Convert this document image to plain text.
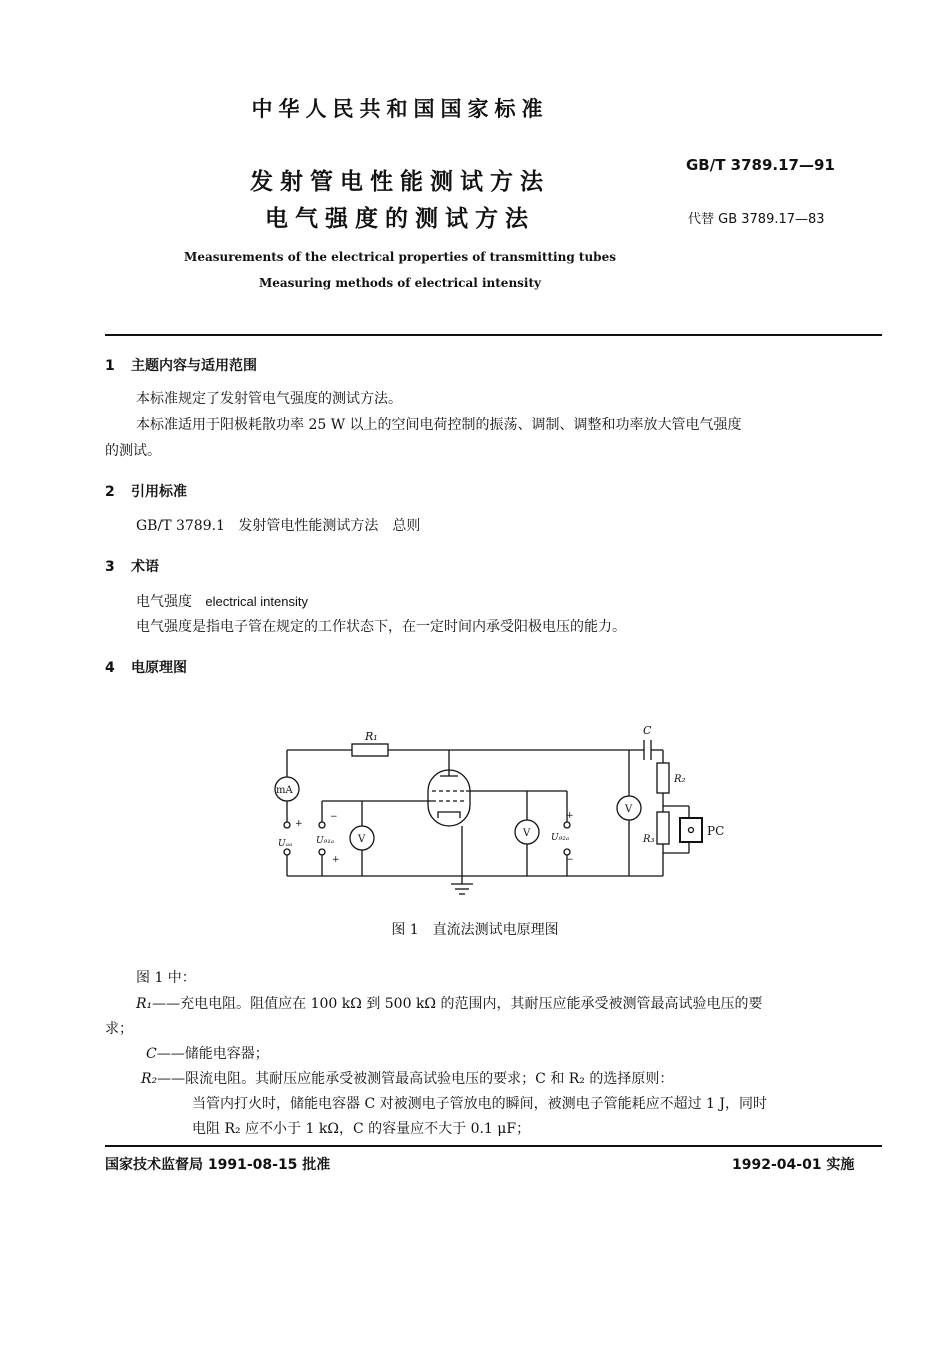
中华人民共和国国家标准
发射管电性能测试方法
电气强度的测试方法
GB/T 3789.17—91
代替 GB 3789.17—83
Measurements of the electrical properties of transmitting tubes
Measuring methods of electrical intensity
1 主题内容与适用范围
本标准规定了发射管电气强度的测试方法。
本标准适用于阳极耗散功率 25 W 以上的空间电荷控制的振荡、调制、调整和功率放大管电气强度
的测试。
2 引用标准
GB/T 3789.1 发射管电性能测试方法　总则
3 术语
电气强度 electrical intensity
电气强度是指电子管在规定的工作状态下，在一定时间内承受阳极电压的能力。
4 电原理图
R₁	C
R₂
R₃
Uₐₐ	U₉₁ₐ	U₉₂ₐ
mA
V
V
V
PC
+
−
+
+
−
图 1　直流法测试电原理图
图 1 中：
R₁——充电电阻。阻值应在 100 kΩ 到 500 kΩ 的范围内，其耐压应能承受被测管最高试验电压的要
求；
C——储能电容器；
R₂——限流电阻。其耐压应能承受被测管最高试验电压的要求；C 和 R₂ 的选择原则：
当管内打火时，储能电容器 C 对被测电子管放电的瞬间，被测电子管能耗应不超过 1 J，同时
电阻 R₂ 应不小于 1 kΩ，C 的容量应不大于 0.1 μF；
国家技术监督局 1991-08-15 批准	1992-04-01 实施
